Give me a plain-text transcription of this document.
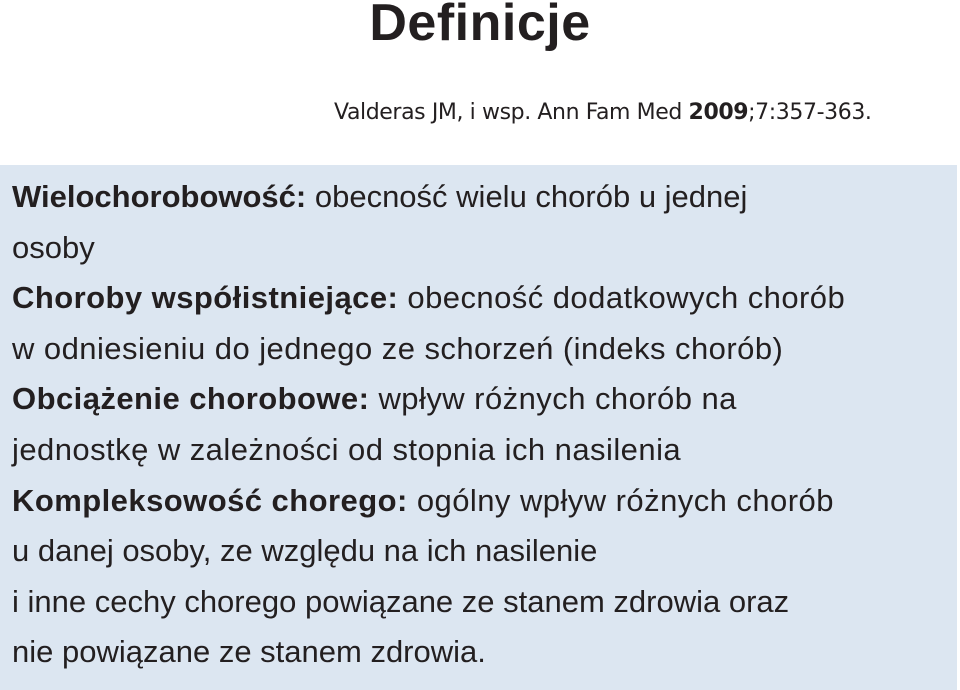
Definicje
Valderas JM, i wsp. Ann Fam Med 2009;7:357-363.
Wielochorobowość: obecność wielu chorób u jednej
osoby
Choroby współistniejące: obecność dodatkowych chorób
w odniesieniu do jednego ze schorzeń (indeks chorób)
Obciążenie chorobowe: wpływ różnych chorób na
jednostkę w zależności od stopnia ich nasilenia
Kompleksowość chorego: ogólny wpływ różnych chorób
u danej osoby, ze względu na ich nasilenie
i inne cechy chorego powiązane ze stanem zdrowia oraz
nie powiązane ze stanem zdrowia.
